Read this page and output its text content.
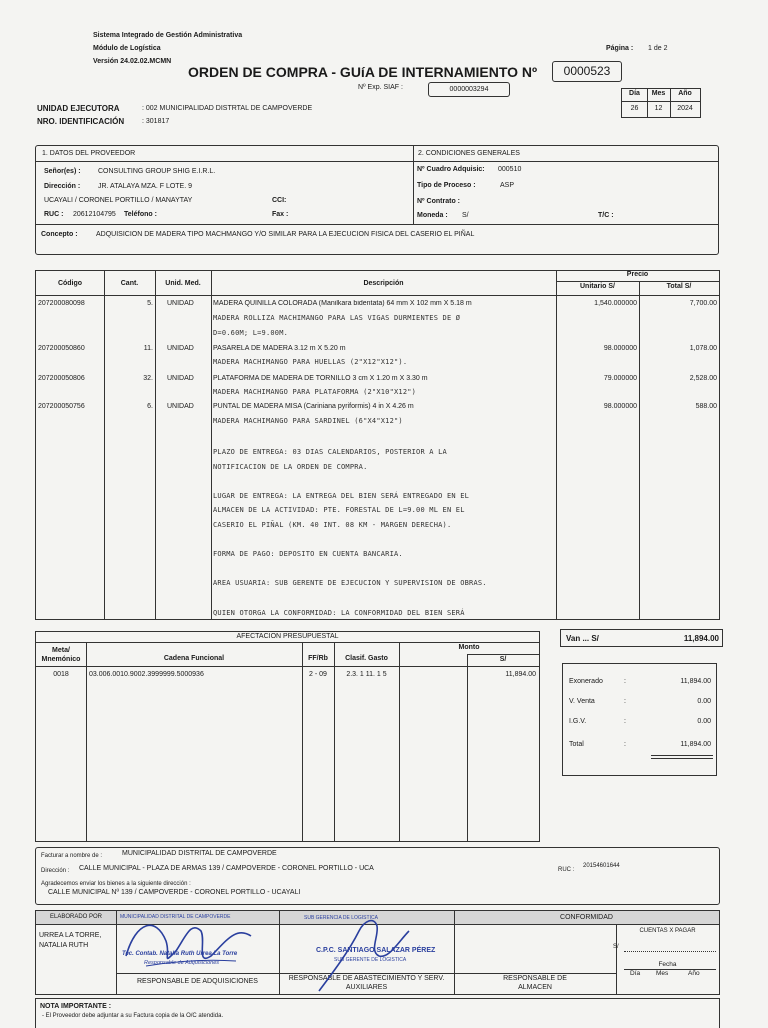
Sistema Integrado de Gestión Administrativa
Módulo de Logística
Versión 24.02.02.MCMN
Página : 1 de 2
ORDEN DE COMPRA - GUíA DE INTERNAMIENTO Nº	0000523
Nº Exp. SIAF :	0000003294
Día	Mes	Año
26	12	2024
UNIDAD EJECUTORA	: 002 MUNICIPALIDAD DISTRTAL DE CAMPOVERDE
NRO. IDENTIFICACIÓN	: 301817
1. DATOS DEL PROVEEDOR	2. CONDICIONES GENERALES
Señor(es) : CONSULTING GROUP SHIG E.I.R.L.
Dirección :	JR. ATALAYA MZA. F LOTE. 9
UCAYALI / CORONEL PORTILLO / MANAYTAY	CCI:
RUC : 20612104795 Teléfono :	Fax :
Nº Cuadro Adquisic: 000510
Tipo de Proceso :	ASP
Nº Contrato :
Moneda : S/	T/C :
Concepto :	ADQUISICION DE MADERA TIPO MACHMANGO Y/O SIMILAR PARA LA EJECUCION FISICA DEL CASERIO EL PIÑAL
Código	Cant.	Unid. Med.	Descripción
Precio
Unitario S/	Total S/
207200080098	5. UNIDAD	MADERA QUINILLA COLORADA (Manilkara bidentata) 64 mm X 102 mm X 5.18 m
MADERA ROLLIZA MACHIMANGO PARA LAS VIGAS DURMIENTES DE Ø
D=0.60M; L=9.00M.
1,540.000000	7,700.00
207200050860	11. UNIDAD	PASARELA DE MADERA 3.12 m X 5.20 m
MADERA MACHIMANGO PARA HUELLAS (2"X12"X12").
98.000000	1,078.00
207200050806	32. UNIDAD	PLATAFORMA DE MADERA DE TORNILLO 3 cm X 1.20 m X 3.30 m
MADERA MACHIMANGO PARA PLATAFORMA (2"X10"X12")
79.000000	2,528.00
207200050756	6. UNIDAD	PUNTAL DE MADERA MISA (Cariniana pyriformis) 4 in X 4.26 m
MADERA MACHIMANGO PARA SARDINEL (6"X4"X12")
98.000000	588.00
PLAZO DE ENTREGA: 03 DIAS CALENDARIOS, POSTERIOR A LA
NOTIFICACION DE LA ORDEN DE COMPRA.

LUGAR DE ENTREGA: LA ENTREGA DEL BIEN SERÁ ENTREGADO EN EL
ALMACEN DE LA ACTIVIDAD: PTE. FORESTAL DE L=9.00 ML EN EL
CASERIO EL PIÑAL (KM. 40 INT. 08 KM - MARGEN DERECHA).

FORMA DE PAGO: DEPOSITO EN CUENTA BANCARIA.

AREA USUARIA: SUB GERENTE DE EJECUCION Y SUPERVISION DE OBRAS.

QUIEN OTORGA LA CONFORMIDAD: LA CONFORMIDAD DEL BIEN SERÁ
AFECTACION PRESUPUESTAL
Meta/
Mnemónico	Cadena Funcional	FF/Rb	Clasif. Gasto
Monto
S/
0018	03.006.0010.9002.3999999.5000936	2 - 09	2.3. 1 11. 1 5	11,894.00
Van ... S/	11,894.00
Exonerado	:	11,894.00
V. Venta	:	0.00
I.G.V.	:	0.00
Total	:	11,894.00
Facturar a nombre de :	MUNICIPALIDAD DISTRITAL DE CAMPOVERDE
Dirección : CALLE MUNICIPAL - PLAZA DE ARMAS 139 / CAMPOVERDE - CORONEL PORTILLO - UCA	RUC :
20154601644
Agradecemos enviar los bienes a la siguiente dirección :
CALLE MUNICIPAL Nº 139 / CAMPOVERDE - CORONEL PORTILLO - UCAYALI
ELABORADO POR
URREA LA TORRE, NATALIA RUTH
CONFORMIDAD
RESPONSABLE DE ADQUISICIONES	RESPONSABLE DE ABASTECIMIENTO Y SERV. AUXILIARES
RESPONSABLE DE ALMACEN
CUENTAS X PAGAR
S/
Fecha
Día Mes	Año
MUNICIPALIDAD DISTRITAL DE CAMPOVERDE
Tec. Contab. Natalia Ruth Urrea La Torre
Responsable de Adquisiciones
SUB GERENCIA DE LOGISTICA
C.P.C. SANTIAGO SALAZAR PÉREZ
SUB GERENTE DE LOGISTICA
NOTA IMPORTANTE :
- El Proveedor debe adjuntar a su Factura copia de la O/C atendida.
